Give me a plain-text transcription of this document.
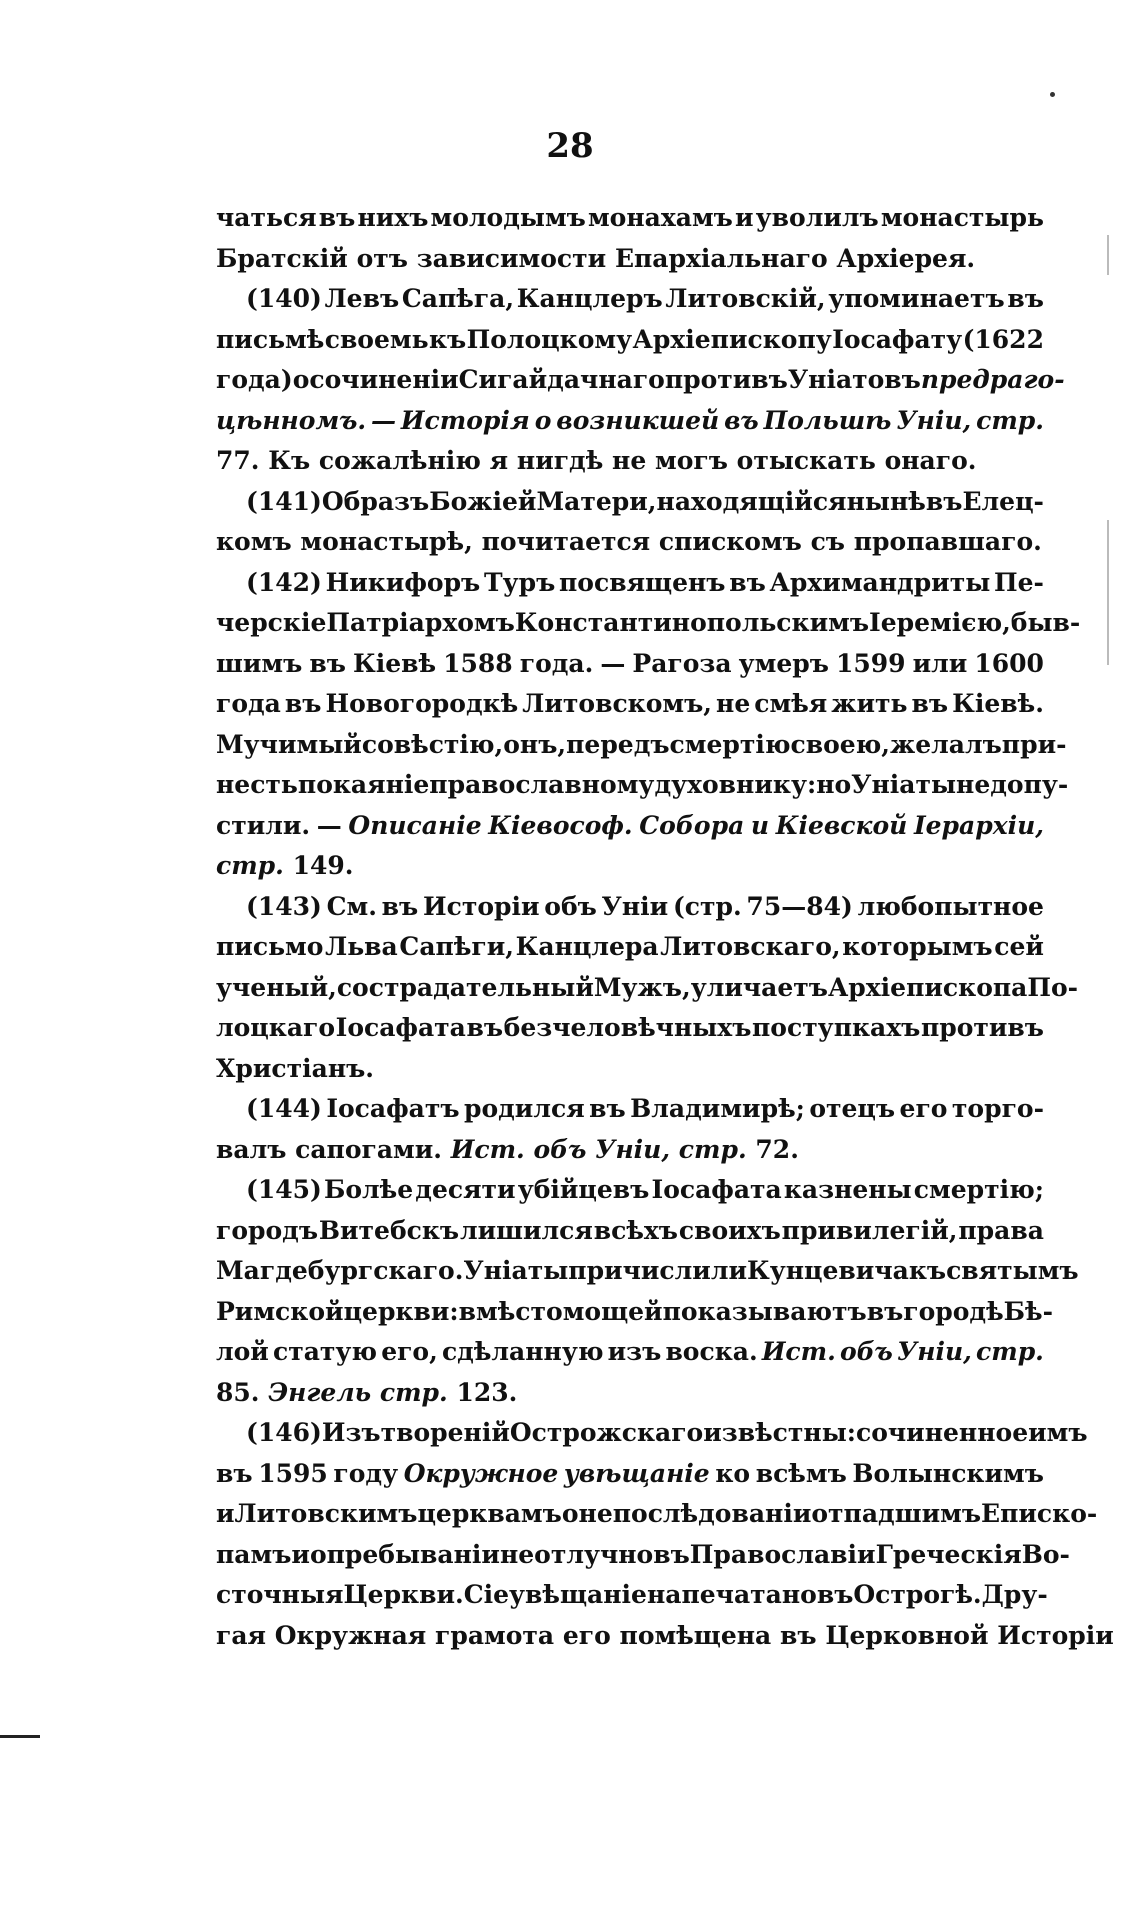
28
чаться въ нихъ молодымъ монахамъ и уволилъ монастырь
Братскій отъ зависимости Епархіальнаго Архіерея.
(140) Левъ Сапѣга, Канцлеръ Литовскій, упоминаетъ въ
письмѣ своемь къ Полоцкому Архіепископу Іосафату (1622
года) о сочиненіи Сигайдачнаго противъ Уніатовъ предраго-
цѣнномъ. — Исторія о возникшей въ Польшѣ Уніи, стр.
77. Къ сожалѣнію я нигдѣ не могъ отыскать онаго.
(141) Образъ Божіей Матери, находящійся нынѣ въ Елец-
комъ монастырѣ, почитается спискомъ съ пропавшаго.
(142) Никифоръ Туръ посвященъ въ Архимандриты Пе-
черскіе Патріархомъ Константинопольскимъ Іеремією, быв-
шимъ въ Кіевѣ 1588 года. — Рагоза умеръ 1599 или 1600
года въ Новогородкѣ Литовскомъ, не смѣя жить въ Кіевѣ.
Мучимый совѣстію, онъ, передъ смертію своею, желалъ при-
несть покаяніе православному духовнику: но Уніаты не допу-
стили. — Описаніе Кіевософ. Собора и Кіевской Іерархіи,
стр. 149.
(143) См. въ Исторіи объ Уніи (стр. 75—84) любопытное
письмо Льва Сапѣги, Канцлера Литовскаго, которымъ сей
ученый, сострадательный Мужъ, уличаетъ Архіепископа По-
лоцкаго Іосафата въ безчеловѣчныхъ поступкахъ противъ
Христіанъ.
(144) Іосафатъ родился въ Владимирѣ; отецъ его торго-
валъ сапогами. Ист. объ Уніи, стр. 72.
(145) Болѣе десяти убійцевъ Іосафата казнены смертію;
городъ Витебскъ лишился всѣхъ своихъ привилегій, права
Магдебургскаго. Уніаты причислили Кунцевича къ святымъ
Римской церкви: вмѣсто мощей показываютъ въ городѣ Бѣ-
лой статую его, сдѣланную изъ воска. Ист. объ Уніи, стр.
85. Энгель стр. 123.
(146) Изъ твореній Острожскаго извѣстны: сочиненное имъ
въ 1595 году Окружное увѣщаніе ко всѣмъ Волынскимъ
и Литовскимъ церквамъ о непослѣдованіи отпадшимъ Еписко-
памъ и о пребываніи неотлучно въ Православіи Греческія Во-
сточныя Церкви. Сіе увѣщаніе напечатано въ Острогѣ. Дру-
гая Окружная грамота его помѣщена въ Церковной Исторіи
